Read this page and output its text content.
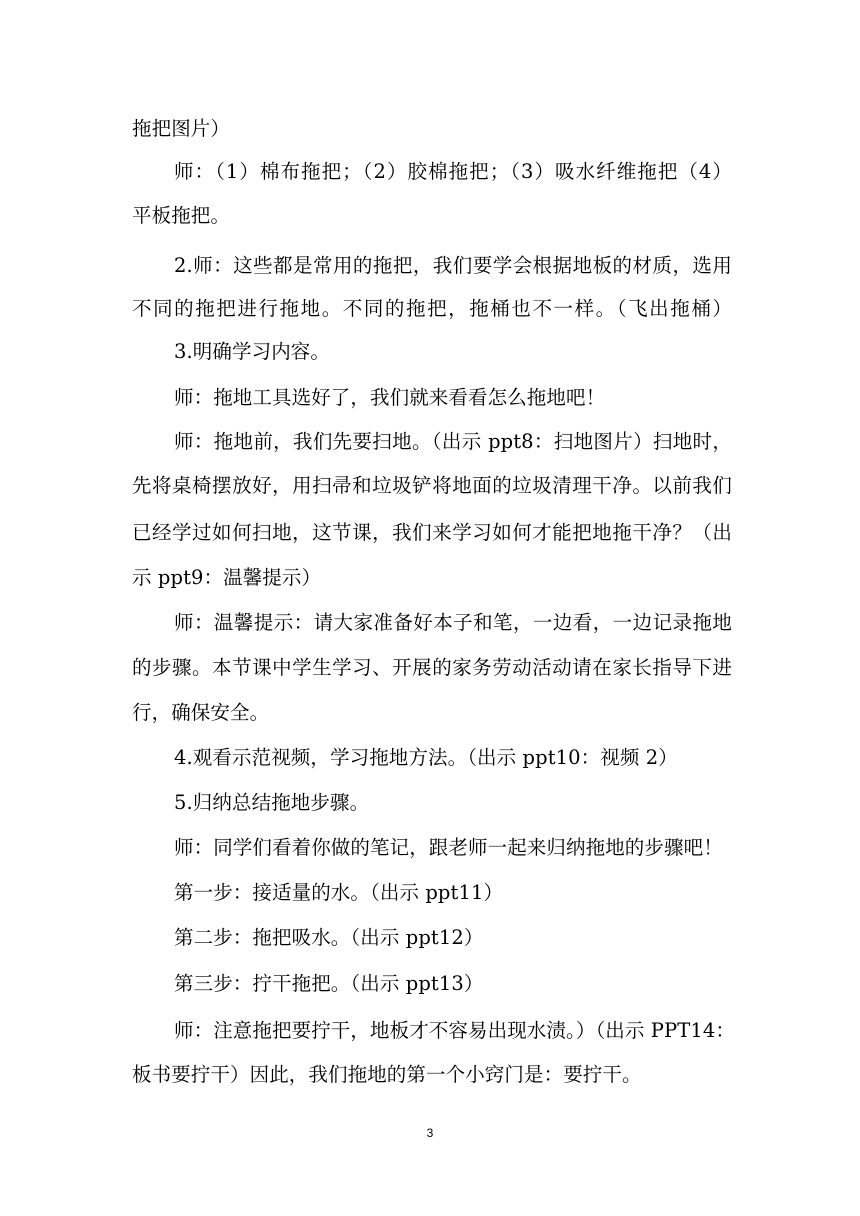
拖把图片）
师：（1）棉布拖把；（2）胶棉拖把；（3）吸水纤维拖把（4）
平板拖把。
2.师：这些都是常用的拖把，我们要学会根据地板的材质，选用
不同的拖把进行拖地。不同的拖把，拖桶也不一样。（飞出拖桶）
3.明确学习内容。
师：拖地工具选好了，我们就来看看怎么拖地吧！
师：拖地前，我们先要扫地。（出示 ppt8：扫地图片）扫地时，
先将桌椅摆放好，用扫帚和垃圾铲将地面的垃圾清理干净。以前我们
已经学过如何扫地，这节课，我们来学习如何才能把地拖干净？（出
示 ppt9：温馨提示）
师：温馨提示：请大家准备好本子和笔，一边看，一边记录拖地
的步骤。本节课中学生学习、开展的家务劳动活动请在家长指导下进
行，确保安全。
4.观看示范视频，学习拖地方法。（出示 ppt10：视频 2）
5.归纳总结拖地步骤。
师：同学们看着你做的笔记，跟老师一起来归纳拖地的步骤吧！
第一步：接适量的水。（出示 ppt11）
第二步：拖把吸水。（出示 ppt12）
第三步：拧干拖把。（出示 ppt13）
师：注意拖把要拧干，地板才不容易出现水渍。）（出示 PPT14：
板书要拧干）因此，我们拖地的第一个小窍门是：要拧干。
3
